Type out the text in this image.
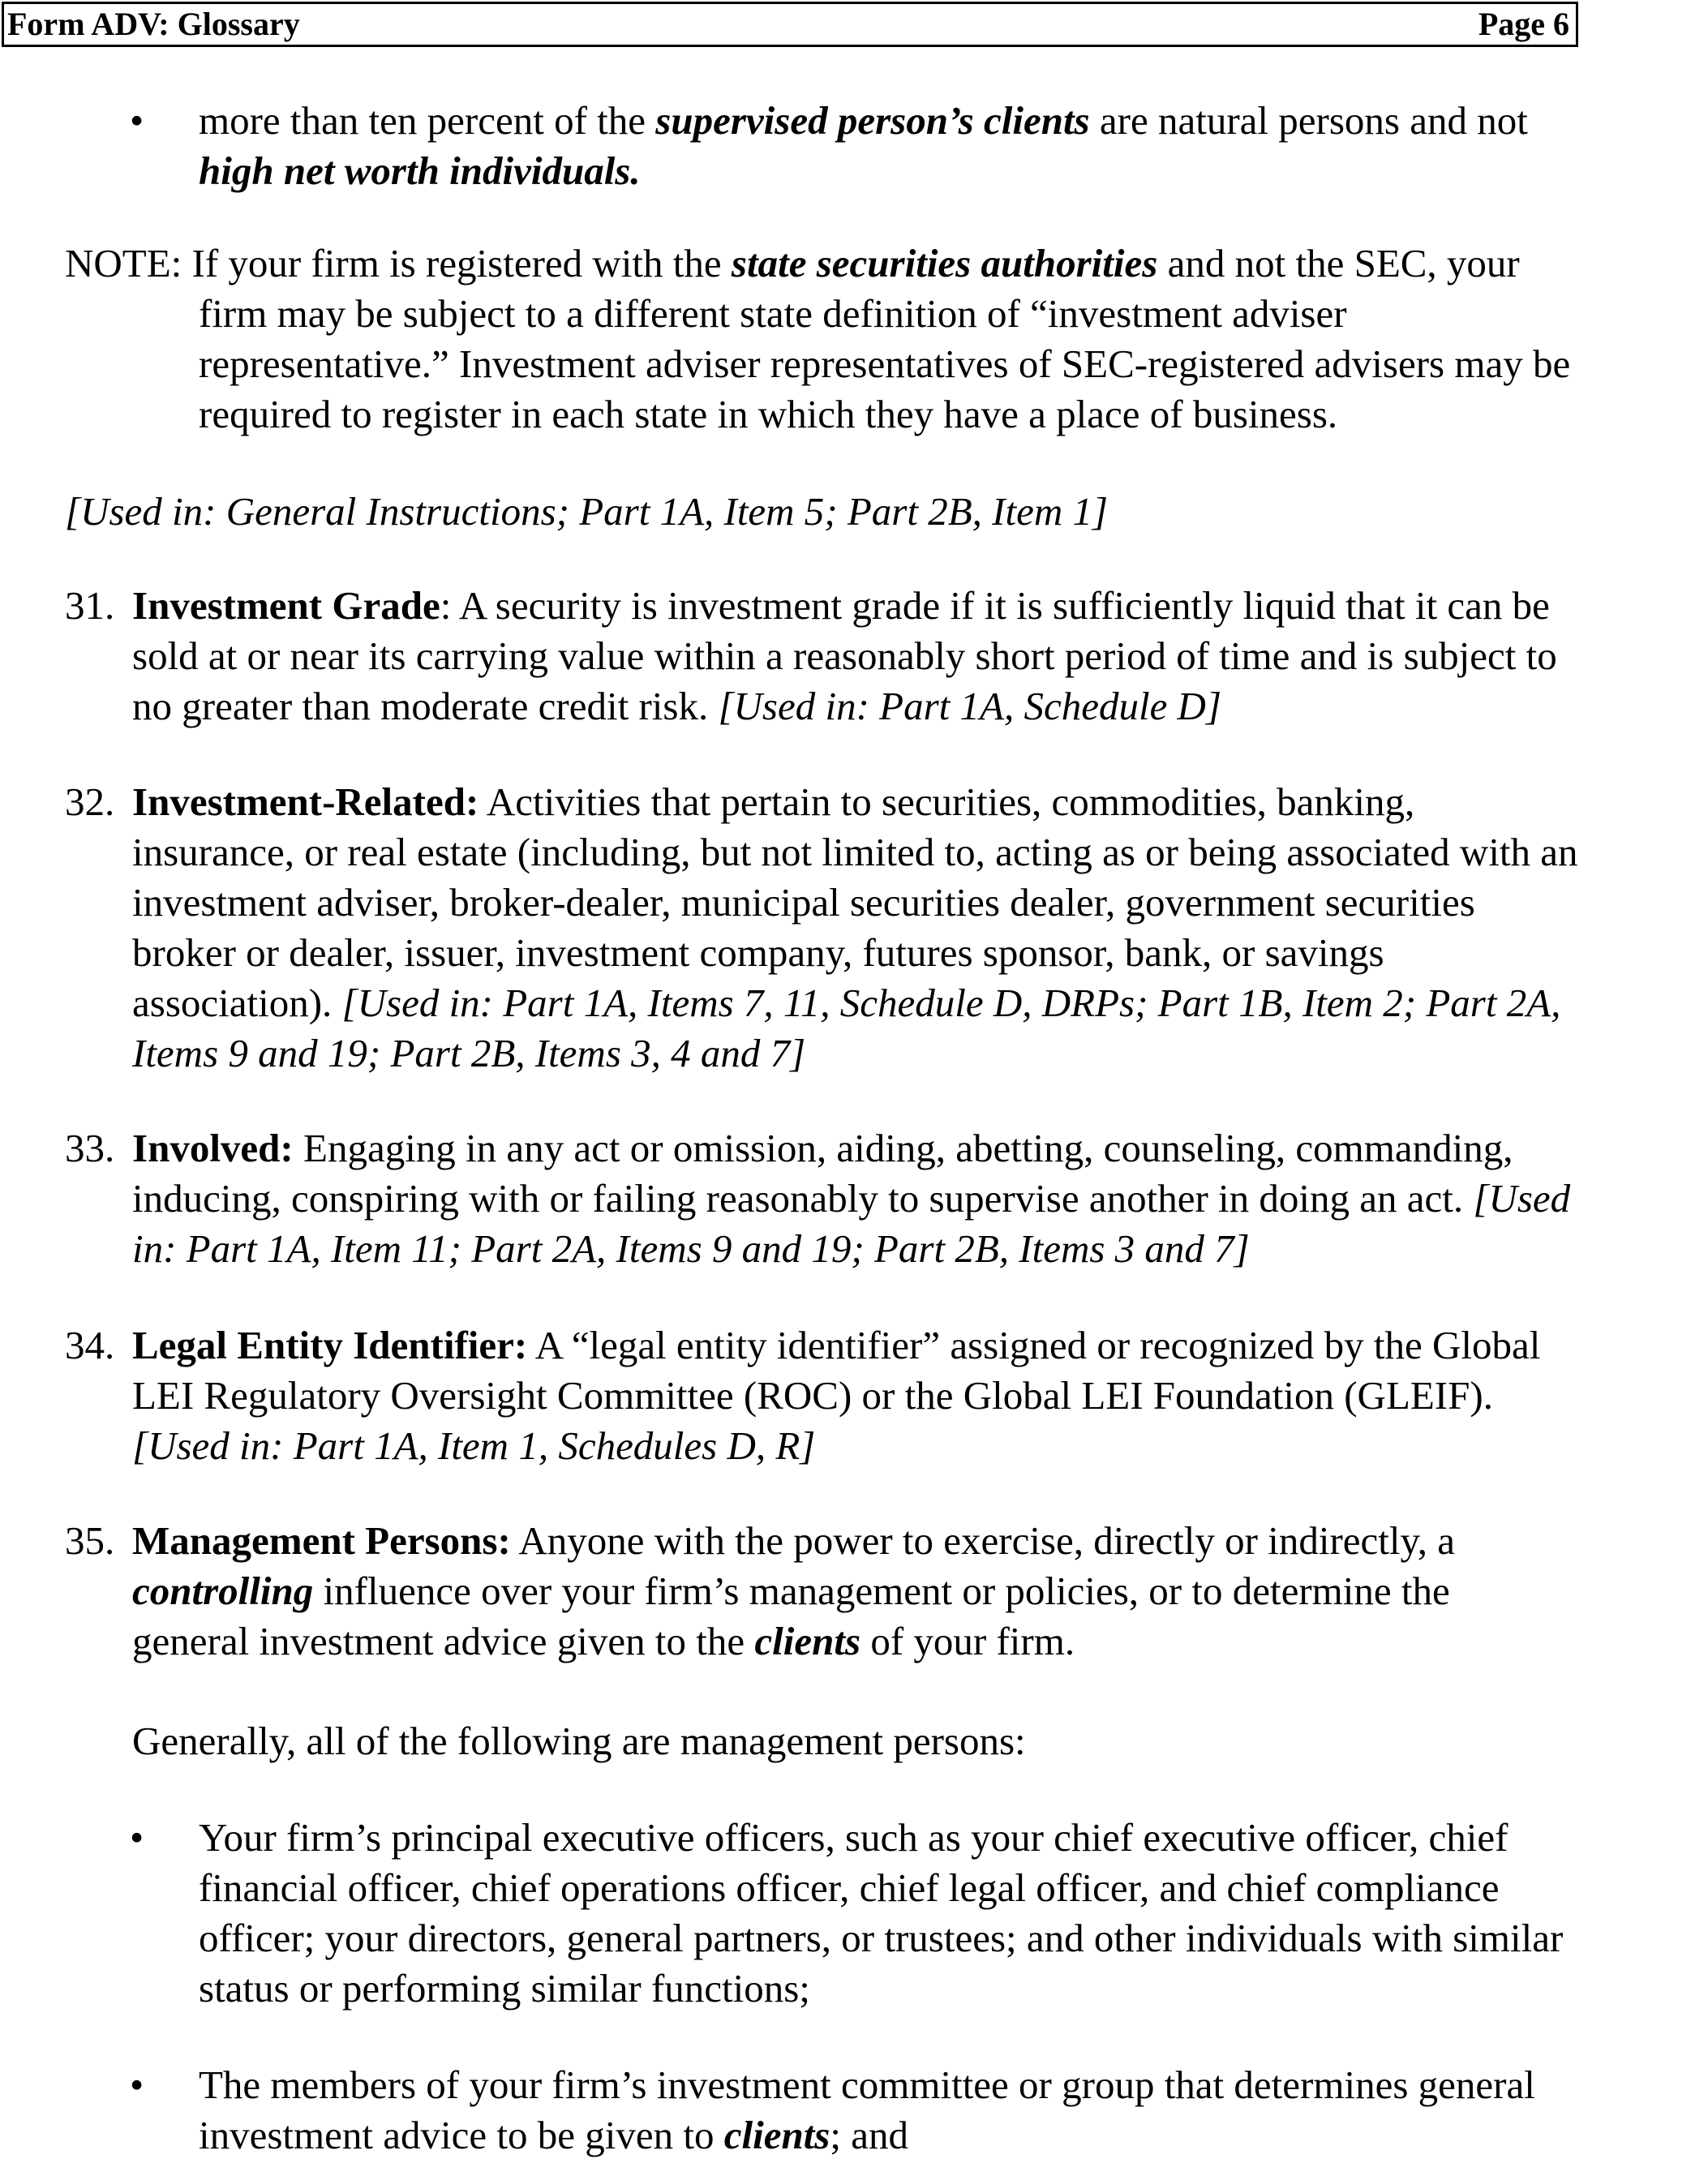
Form ADV: Glossary	Page 6
• more than ten percent of the supervised person’s clients are natural persons and not
high net worth individuals.
NOTE: If your firm is registered with the state securities authorities and not the SEC, your
firm may be subject to a different state definition of “investment adviser
representative.” Investment adviser representatives of SEC-registered advisers may be
required to register in each state in which they have a place of business.
[Used in: General Instructions; Part 1A, Item 5; Part 2B, Item 1]
31. Investment Grade: A security is investment grade if it is sufficiently liquid that it can be
sold at or near its carrying value within a reasonably short period of time and is subject to
no greater than moderate credit risk. [Used in: Part 1A, Schedule D]
32. Investment-Related: Activities that pertain to securities, commodities, banking,
insurance, or real estate (including, but not limited to, acting as or being associated with an
investment adviser, broker-dealer, municipal securities dealer, government securities
broker or dealer, issuer, investment company, futures sponsor, bank, or savings
association). [Used in: Part 1A, Items 7, 11, Schedule D, DRPs; Part 1B, Item 2; Part 2A,
Items 9 and 19; Part 2B, Items 3, 4 and 7]
33. Involved: Engaging in any act or omission, aiding, abetting, counseling, commanding,
inducing, conspiring with or failing reasonably to supervise another in doing an act. [Used
in: Part 1A, Item 11; Part 2A, Items 9 and 19; Part 2B, Items 3 and 7]
34. Legal Entity Identifier: A “legal entity identifier” assigned or recognized by the Global
LEI Regulatory Oversight Committee (ROC) or the Global LEI Foundation (GLEIF).
[Used in: Part 1A, Item 1, Schedules D, R]
35. Management Persons: Anyone with the power to exercise, directly or indirectly, a
controlling influence over your firm’s management or policies, or to determine the
general investment advice given to the clients of your firm.
Generally, all of the following are management persons:
• Your firm’s principal executive officers, such as your chief executive officer, chief
financial officer, chief operations officer, chief legal officer, and chief compliance
officer; your directors, general partners, or trustees; and other individuals with similar
status or performing similar functions;
• The members of your firm’s investment committee or group that determines general
investment advice to be given to clients; and
